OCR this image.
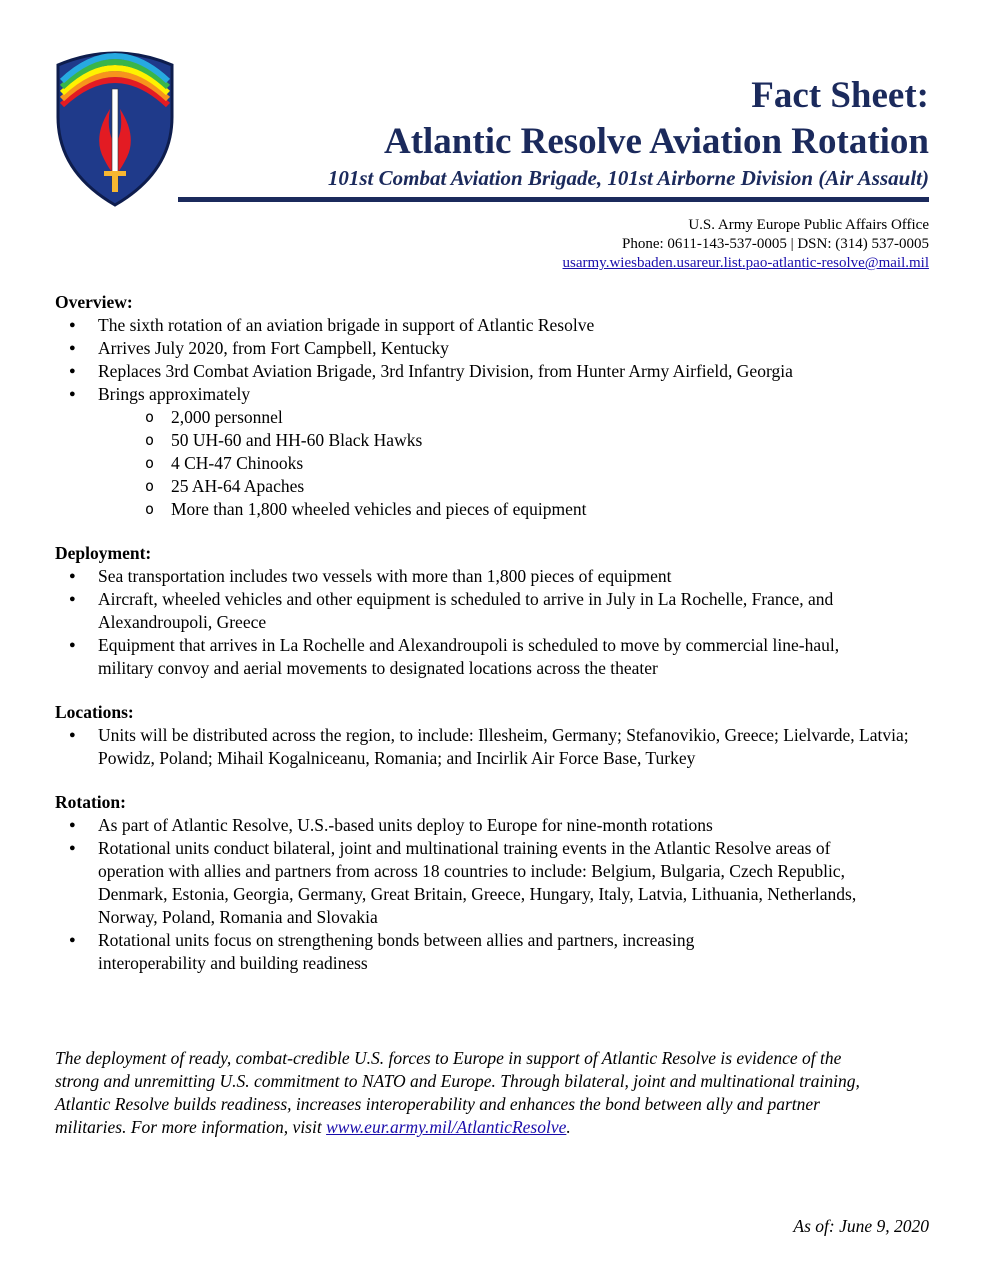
Fact Sheet:
Atlantic Resolve Aviation Rotation

101st Combat Aviation Brigade, 101st Airborne Division (Air Assault)

U.S. Army Europe Public Affairs Office
Phone: 0611-143-537-0005 | DSN: (314) 537-0005
usarmy.wiesbaden.usareur.list.pao-atlantic-resolve@mail.mil

Overview:

● The sixth rotation of an aviation brigade in support of Atlantic Resolve
● Arrives July 2020, from Fort Campbell, Kentucky
● Replaces 3rd Combat Aviation Brigade, 3rd Infantry Division, from Hunter Army Airfield, Georgia
● Brings approximately
o 2,000 personnel
o 50 UH-60 and HH-60 Black Hawks
o 4 CH-47 Chinooks
o 25 AH-64 Apaches
o More than 1,800 wheeled vehicles and pieces of equipment

Deployment:

● Sea transportation includes two vessels with more than 1,800 pieces of equipment
● Aircraft, wheeled vehicles and other equipment is scheduled to arrive in July in La Rochelle, France, and Alexandroupoli, Greece
● Equipment that arrives in La Rochelle and Alexandroupoli is scheduled to move by commercial line-haul, military convoy and aerial movements to designated locations across the theater

Locations:

● Units will be distributed across the region, to include: Illesheim, Germany; Stefanovikio, Greece; Lielvarde, Latvia; Powidz, Poland; Mihail Kogalniceanu, Romania; and Incirlik Air Force Base, Turkey

Rotation:

● As part of Atlantic Resolve, U.S.-based units deploy to Europe for nine-month rotations
● Rotational units conduct bilateral, joint and multinational training events in the Atlantic Resolve areas of operation with allies and partners from across 18 countries to include: Belgium, Bulgaria, Czech Republic, Denmark, Estonia, Georgia, Germany, Great Britain, Greece, Hungary, Italy, Latvia, Lithuania, Netherlands, Norway, Poland, Romania and Slovakia
● Rotational units focus on strengthening bonds between allies and partners, increasing interoperability and building readiness

The deployment of ready, combat-credible U.S. forces to Europe in support of Atlantic Resolve is evidence of the strong and unremitting U.S. commitment to NATO and Europe. Through bilateral, joint and multinational training, Atlantic Resolve builds readiness, increases interoperability and enhances the bond between ally and partner militaries. For more information, visit www.eur.army.mil/AtlanticResolve.

As of: June 9, 2020
